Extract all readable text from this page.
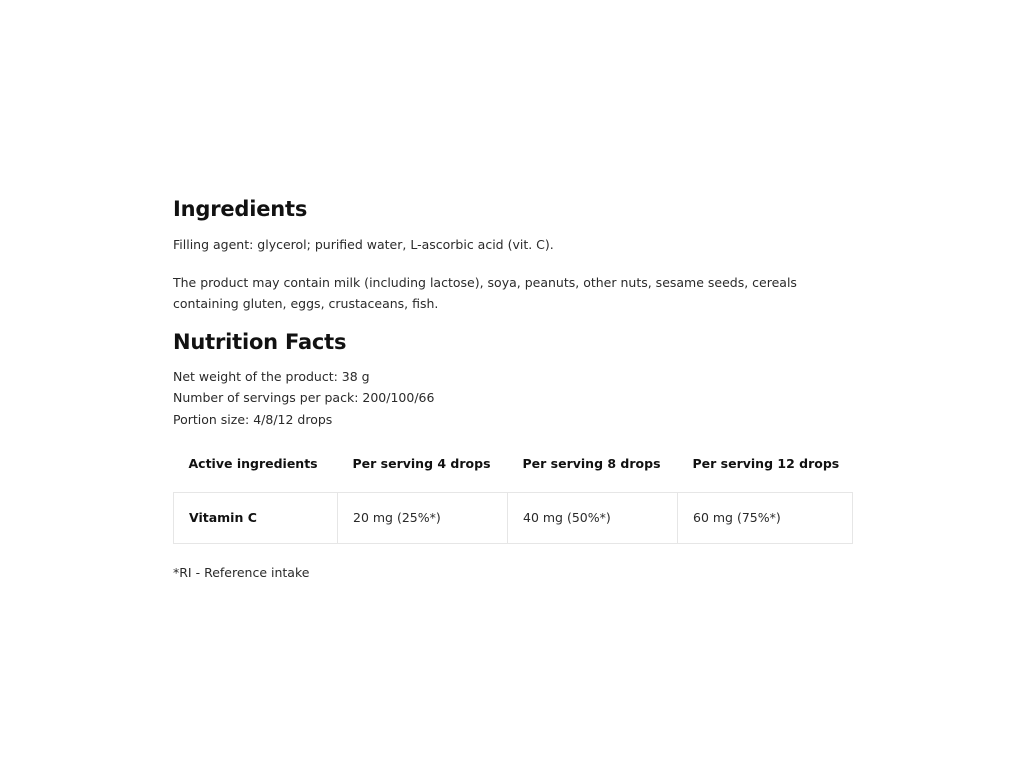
Ingredients

Filling agent: glycerol; purified water, L-ascorbic acid (vit. C).

The product may contain milk (including lactose), soya, peanuts, other nuts, sesame seeds, cereals containing gluten, eggs, crustaceans, fish.

Nutrition Facts

Net weight of the product: 38 g

Number of servings per pack: 200/100/66

Portion size: 4/8/12 drops

Active ingredients	Per serving 4 drops	Per serving 8 drops	Per serving 12 drops

Vitamin C	20 mg (25%*)	40 mg (50%*)	60 mg (75%*)

*RI - Reference intake
